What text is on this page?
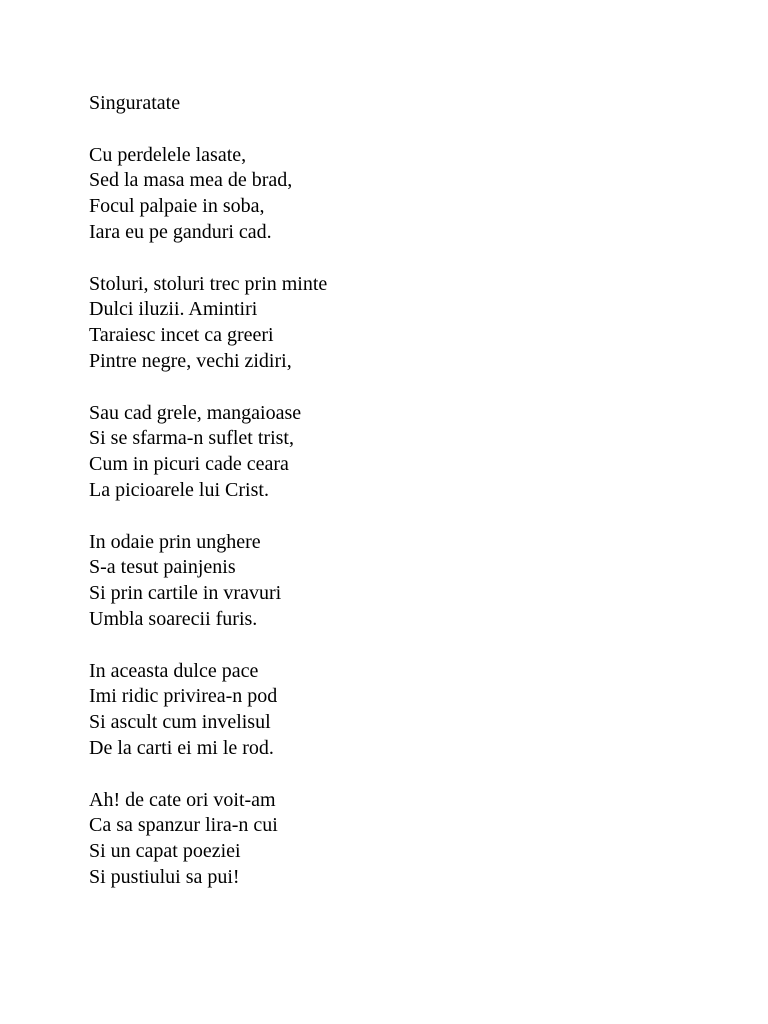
Singuratate
Cu perdelele lasate,
Sed la masa mea de brad,
Focul palpaie in soba,
Iara eu pe ganduri cad.
Stoluri, stoluri trec prin minte
Dulci iluzii. Amintiri
Taraiesc incet ca greeri
Pintre negre, vechi zidiri,
Sau cad grele, mangaioase
Si se sfarma-n suflet trist,
Cum in picuri cade ceara
La picioarele lui Crist.
In odaie prin unghere
S-a tesut painjenis
Si prin cartile in vravuri
Umbla soarecii furis.
In aceasta dulce pace
Imi ridic privirea-n pod
Si ascult cum invelisul
De la carti ei mi le rod.
Ah! de cate ori voit-am
Ca sa spanzur lira-n cui
Si un capat poeziei
Si pustiului sa pui!
